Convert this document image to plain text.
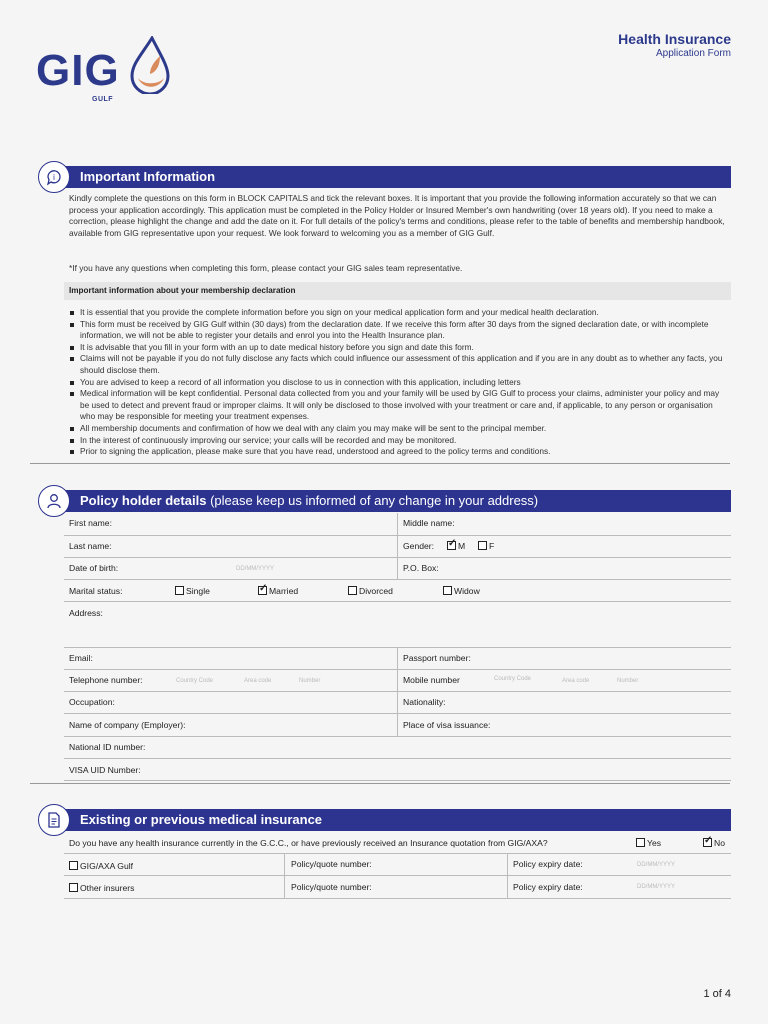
GIG
GULF
Health Insurance
Application Form
Important Information
i
Kindly complete the questions on this form in BLOCK CAPITALS and tick the relevant boxes. It is important that you provide the following information accurately so that we can process your application accordingly. This application must be completed in the Policy Holder or Insured Member's own handwriting (over 18 years old). If you need to make a correction, please highlight the change and add the date on it. For full details of the policy's terms and conditions, please refer to the table of benefits and membership handbook, available from GIG representative upon your request. We look forward to welcoming you as a member of GIG Gulf.
*If you have any questions when completing this form, please contact your GIG sales team representative.
Important information about your membership declaration
It is essential that you provide the complete information before you sign on your medical application form and your medical health declaration.
This form must be received by GIG Gulf within (30 days) from the declaration date. If we receive this form after 30 days from the signed declaration date, or with incomplete information, we will not be able to register your details and enrol you into the Health Insurance plan.
It is advisable that you fill in your form with an up to date medical history before you sign and date this form.
Claims will not be payable if you do not fully disclose any facts which could influence our assessment of this application and if you are in any doubt as to whether any facts, you should disclose them.
You are advised to keep a record of all information you disclose to us in connection with this application, including letters
Medical information will be kept confidential. Personal data collected from you and your family will be used by GIG Gulf to process your claims, administer your policy and may be used to detect and prevent fraud or improper claims. It will only be disclosed to those involved with your treatment or care and, if applicable, to any person or organisation who may be responsible for meeting your treatment expenses.
All membership documents and confirmation of how we deal with any claim you may make will be sent to the principal member.
In the interest of continuously improving our service; your calls will be recorded and may be monitored.
Prior to signing the application, please make sure that you have read, understood and agreed to the policy terms and conditions.
Policy holder details (please keep us informed of any change in your address)
First name:	Middle name:
Last name:	Gender: ✓	M	F
Date of birth:	DD/MM/YYYY	P.O. Box:
Marital status:	Single ✓	Married	Divorced	Widow
Address:
Email:	Passport number:
Telephone number:	Country Code	Area code	Number	Mobile number	Country Code	Area code	Number
Occupation:	Nationality:
Name of company (Employer):	Place of visa issuance:
National ID number:
VISA UID Number:
Existing or previous medical insurance
Do you have any health insurance currently in the G.C.C., or have previously received an Insurance quotation from GIG/AXA?	Yes ✓	No
GIG/AXA Gulf	Policy/quote number:	Policy expiry date:	DD/MM/YYYY
Other insurers	Policy/quote number:	Policy expiry date:	DD/MM/YYYY
1 of 4
